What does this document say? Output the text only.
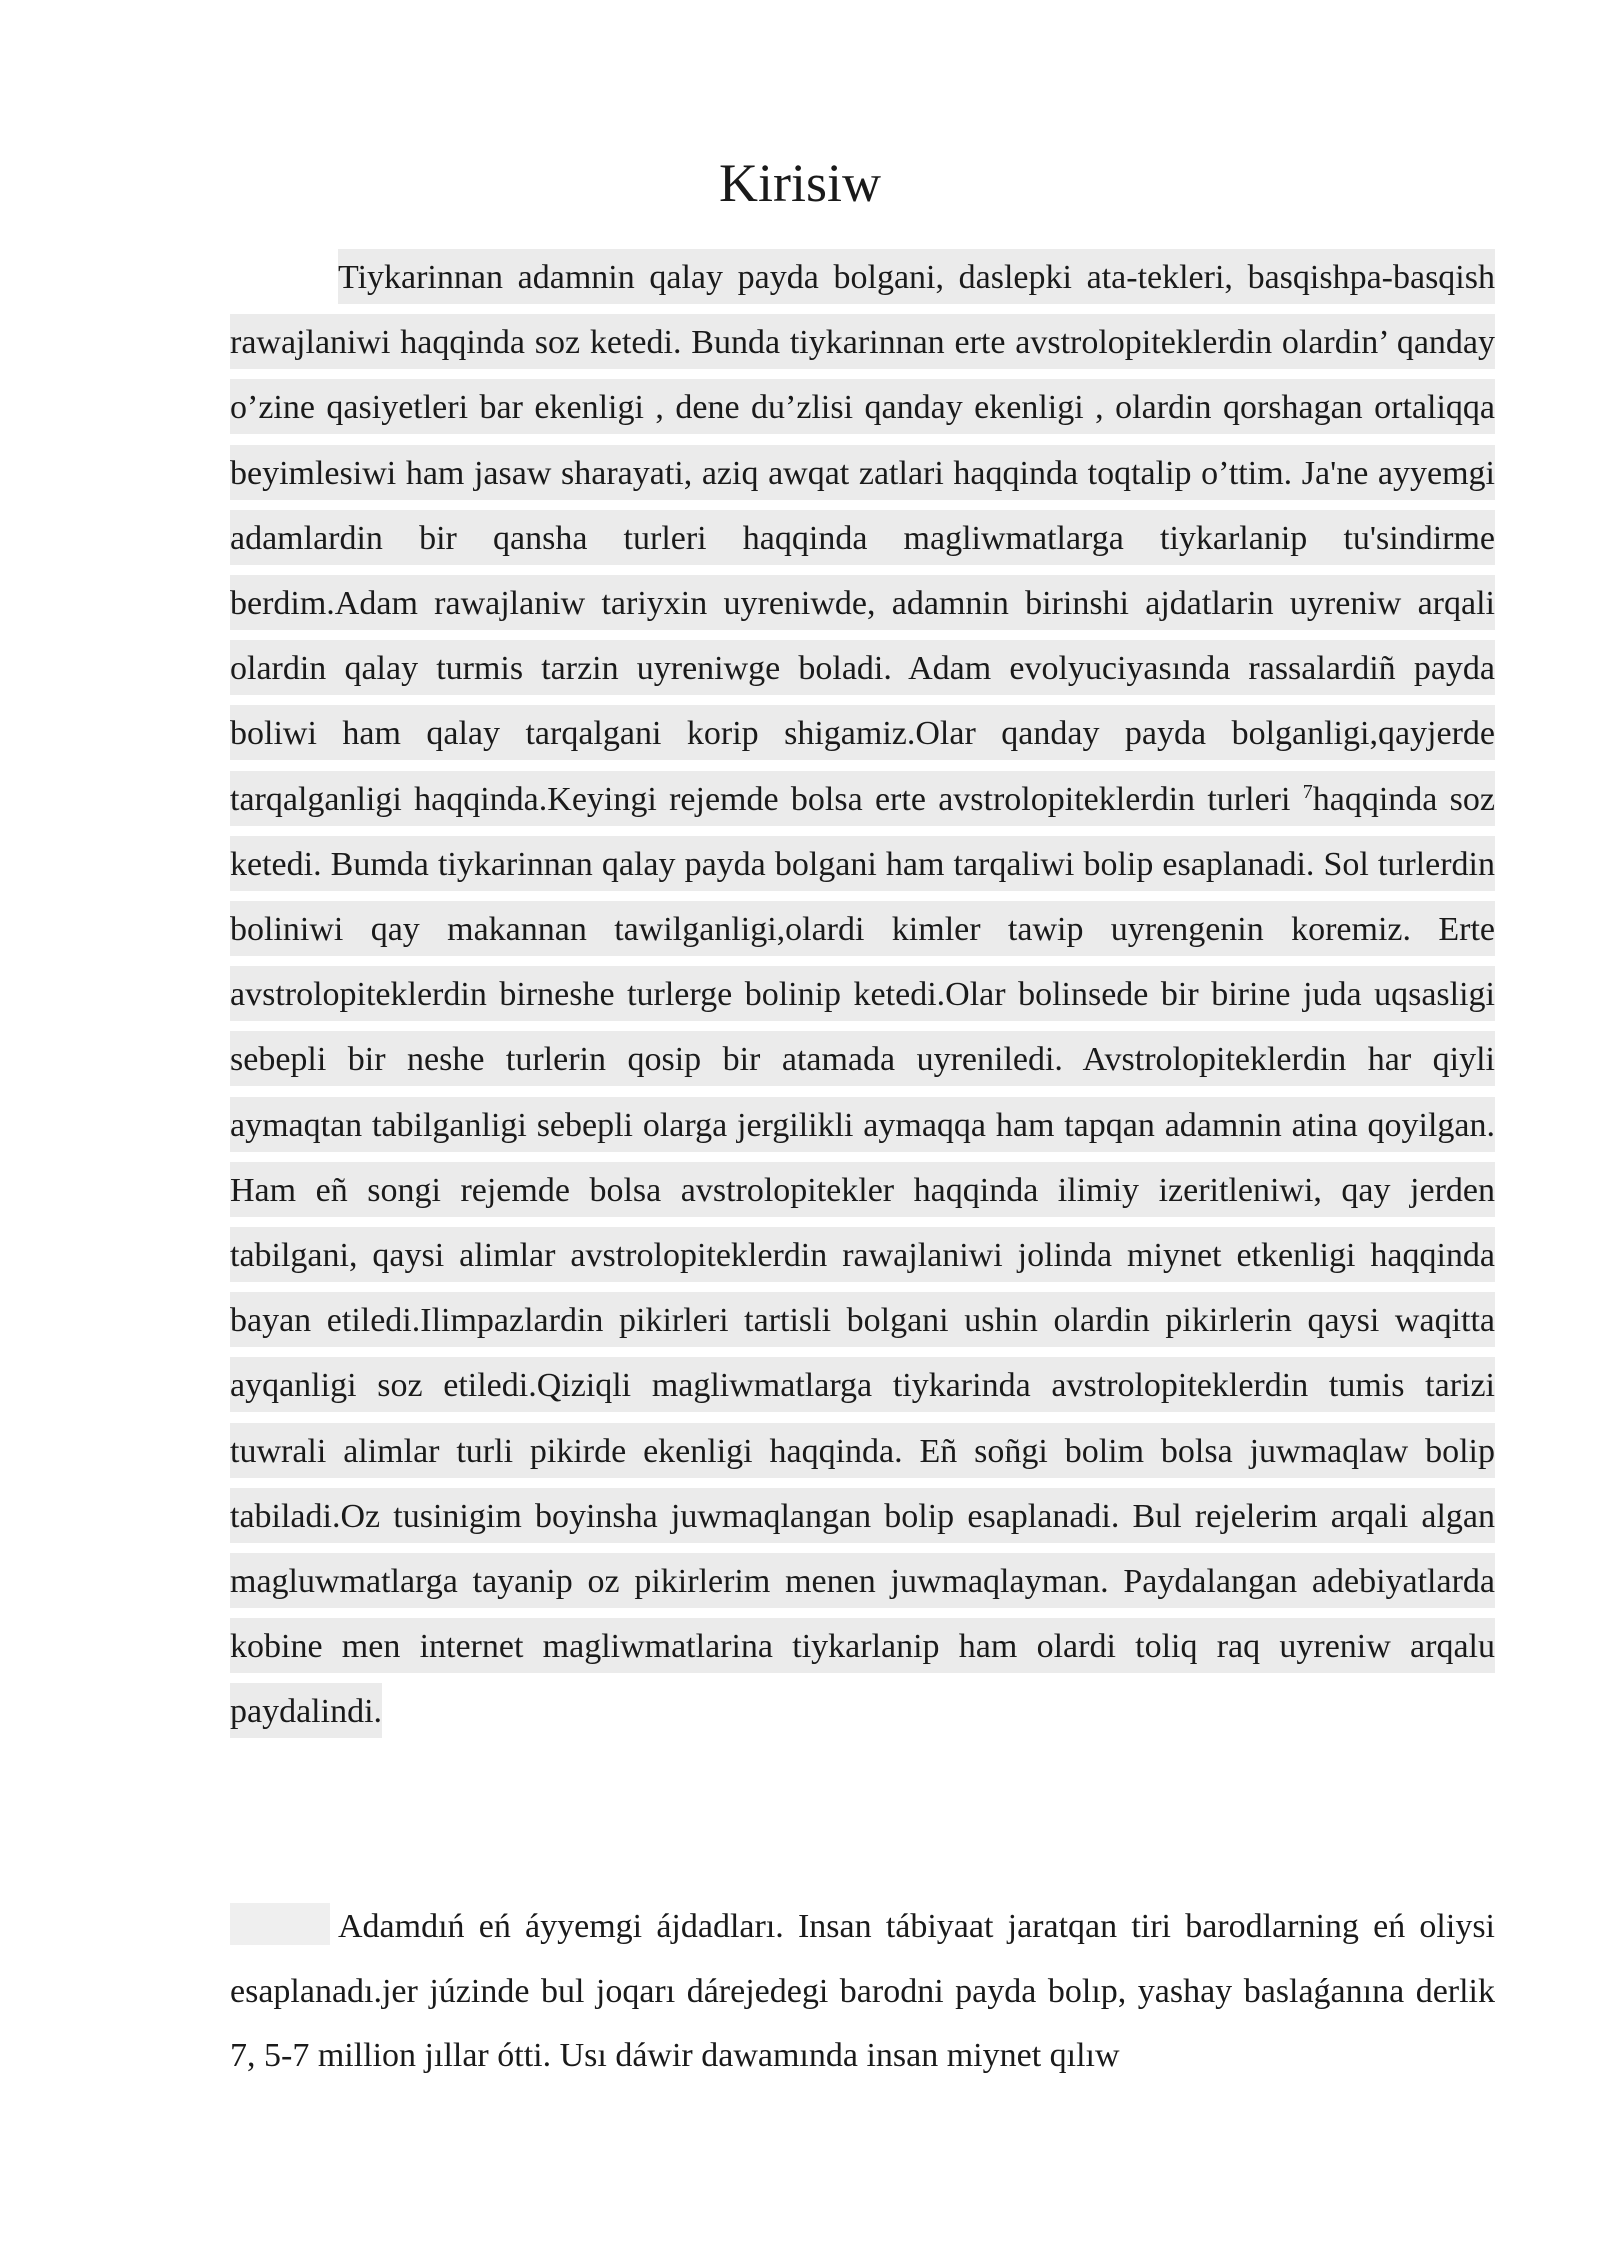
Kirisiw

Tiykarinnan adamnin qalay payda bolgani, daslepki ata-tekleri, basqishpa-basqish rawajlaniwi haqqinda soz ketedi. Bunda tiykarinnan erte avstrolopiteklerdin olardin’ qanday o’zine qasiyetleri bar ekenligi , dene du’zlisi qanday ekenligi , olardin qorshagan ortaliqqa beyimlesiwi ham jasaw sharayati, aziq awqat zatlari haqqinda toqtalip o’ttim. Ja'ne ayyemgi adamlardin bir qansha turleri haqqinda magliwmatlarga tiykarlanip tu'sindirme berdim.Adam rawajlaniw tariyxin uyreniwde, adamnin birinshi ajdatlarin uyreniw arqali olardin qalay turmis tarzin uyreniwge boladi. Adam evolyuciyasında rassalardiñ payda boliwi ham qalay tarqalgani korip shigamiz.Olar qanday payda bolganligi,qayjerde tarqalganligi haqqinda.Keyingi rejemde bolsa erte avstrolopiteklerdin turleri $^7$haqqinda soz ketedi. Bumda tiykarinnan qalay payda bolgani ham tarqaliwi bolip esaplanadi. Sol turlerdin boliniwi qay makannan tawilganligi,olardi kimler tawip uyrengenin koremiz. Erte avstrolopiteklerdin birneshe turlerge bolinip ketedi.Olar bolinsede bir birine juda uqsasligi sebepli bir neshe turlerin qosip bir atamada uyreniledi. Avstrolopiteklerdin har qiyli aymaqtan tabilganligi sebepli olarga jergilikli aymaqqa ham tapqan adamnin atina qoyilgan. Ham eñ songi rejemde bolsa avstrolopitekler haqqinda ilimiy izeritleniwi, qay jerden tabilgani, qaysi alimlar avstrolopiteklerdin rawajlaniwi jolinda miynet etkenligi haqqinda bayan etiledi.Ilimpazlardin pikirleri tartisli bolgani ushin olardin pikirlerin qaysi waqitta ayqanligi soz etiledi.Qiziqli magliwmatlarga tiykarinda avstrolopiteklerdin tumis tarizi tuwrali alimlar turli pikirde ekenligi haqqinda. Eñ soñgi bolim bolsa juwmaqlaw bolip tabiladi.Oz tusinigim boyinsha juwmaqlangan bolip esaplanadi. Bul rejelerim arqali algan magluwmatlarga tayanip oz pikirlerim menen juwmaqlayman. Paydalangan adebiyatlarda kobine men internet magliwmatlarina tiykarlanip ham olardi toliq raq uyreniw arqalu paydalindi.

Adamdıń eń áyyemgi ájdadları. Insan tábiyaat jaratqan tiri barodlarning eń oliysi esaplanadı.jer júzinde bul joqarı dárejedegi barodni payda bolıp, yashay baslaǵanına derlik 7, 5-7 million jıllar ótti. Usı dáwir dawamında insan miynet qılıw
